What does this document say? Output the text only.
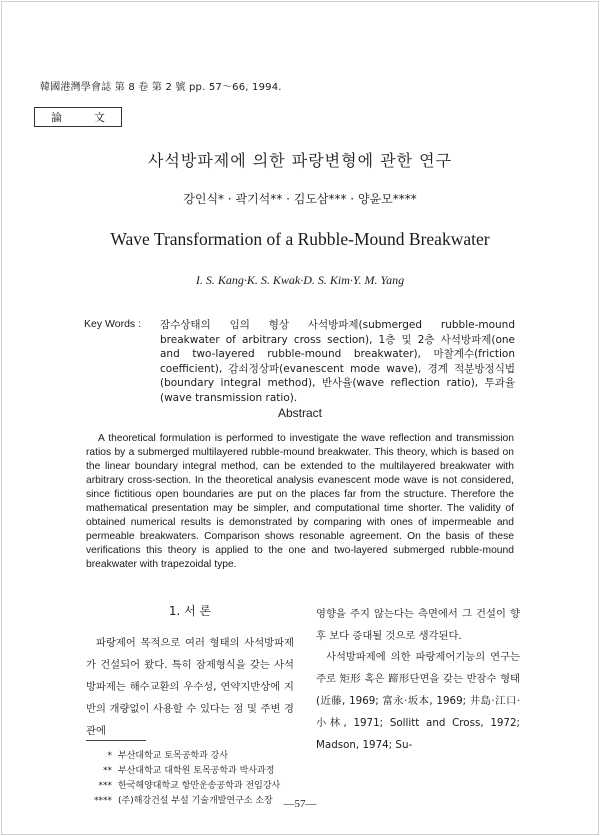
韓國港灣學會誌 第 8 卷 第 2 號 pp. 57～66, 1994.
論	文
사석방파제에 의한 파랑변형에 관한 연구
강인식* · 곽기석** · 김도삼*** · 양윤모****
Wave Transformation of a Rubble-Mound Breakwater
I. S. Kang·K. S. Kwak·D. S. Kim·Y. M. Yang
Key Words : 잠수상태의 임의 형상 사석방파제(submerged rubble-mound breakwater of arbitrary cross section), 1층 및 2층 사석방파제(one and two-layered rubble-mound breakwater), 마찰계수(friction coefficient), 감쇠정상파(evanescent mode wave), 경계 적분방정식법(boundary integral method), 반사율(wave reflection ratio), 투과율(wave transmission ratio).
Abstract
A theoretical formulation is performed to investigate the wave reflection and transmission ratios by a submerged multilayered rubble-mound breakwater. This theory, which is based on the linear boundary integral method, can be extended to the multilayered breakwater with arbitrary cross-section. In the theoretical analysis evanescent mode wave is not considered, since fictitious open boundaries are put on the places far from the structure. Therefore the mathematical presentation may be simpler, and computational time shorter. The validity of obtained numerical results is demonstrated by comparing with ones of impermeable and permeable breakwaters. Comparison shows resonable agreement. On the basis of these verifications this theory is applied to the one and two-layered submerged rubble-mound breakwater with trapezoidal type.
1. 서 론
파랑제어 목적으로 여러 형태의 사석방파제가 건설되어 왔다. 특히 잠제형식을 갖는 사석방파제는 해수교환의 우수성, 연약지반상에 지반의 개량없이 사용할 수 있다는 점 및 주변 경관에
영향을 주지 않는다는 측면에서 그 건설이 향후 보다 증대될 것으로 생각된다.
사석방파제에 의한 파랑제어기능의 연구는 주로 矩形 혹은 蹄形단면을 갖는 반잠수 형태(近藤, 1969; 富永·坂本, 1969; 井島·江口·小林, 1971; Sollitt and Cross, 1972; Madson, 1974; Su-
* 부산대학교 토목공학과 강사
** 부산대학교 대학원 토목공학과 박사과정
*** 한국해양대학교 항만운송공학과 전임강사
**** (주)해강건설 부설 기술개발연구소 소장 —57—
